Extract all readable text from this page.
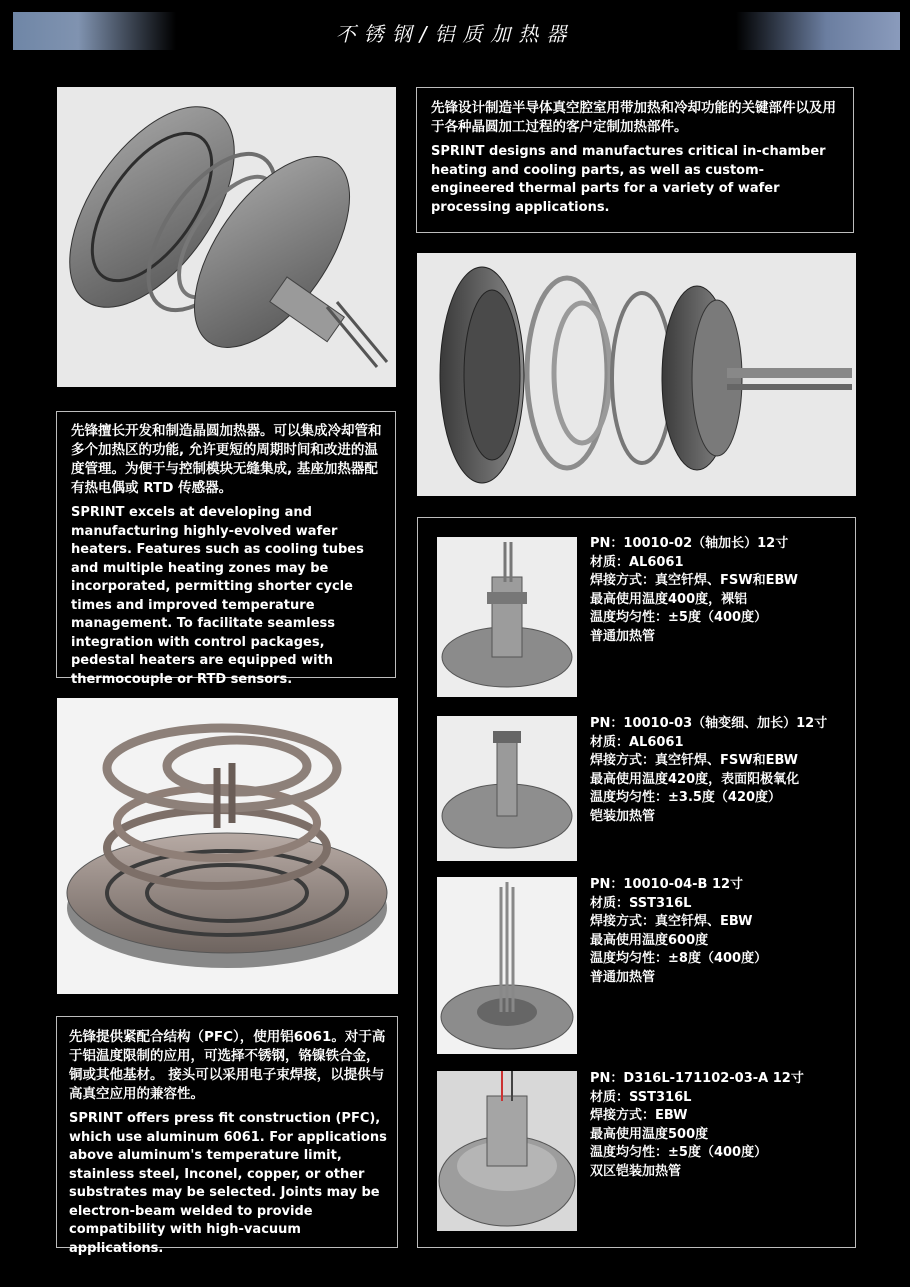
不锈钢/铝质加热器
先锋设计制造半导体真空腔室用带加热和冷却功能的关键部件以及用于各种晶圆加工过程的客户定制加热部件。
SPRINT designs and manufactures critical in-chamber heating and cooling parts, as well as custom-engineered thermal parts for a variety of wafer processing applications.
先锋擅长开发和制造晶圆加热器。可以集成冷却管和多个加热区的功能, 允许更短的周期时间和改进的温度管理。为便于与控制模块无缝集成, 基座加热器配有热电偶或 RTD 传感器。
SPRINT excels at developing and manufacturing highly-evolved wafer heaters. Features such as cooling tubes and multiple heating zones may be incorporated, permitting shorter cycle times and improved temperature management. To facilitate seamless integration with control packages, pedestal heaters are equipped with thermocouple or RTD sensors.
先锋提供紧配合结构（PFC），使用铝6061。对于高于铝温度限制的应用，可选择不锈钢，铬镍铁合金，铜或其他基材。 接头可以采用电子束焊接，以提供与高真空应用的兼容性。
SPRINT offers press fit construction (PFC), which use aluminum 6061. For applications above aluminum's temperature limit, stainless steel, Inconel, copper, or other substrates may be selected. Joints may be electron-beam welded to provide compatibility with high-vacuum applications.
PN：10010-02（轴加长）12寸
材质：AL6061
焊接方式：真空钎焊、FSW和EBW
最高使用温度400度，裸铝
温度均匀性：±5度（400度）
普通加热管
PN：10010-03（轴变细、加长）12寸
材质：AL6061
焊接方式：真空钎焊、FSW和EBW
最高使用温度420度，表面阳极氧化
温度均匀性：±3.5度（420度）
铠装加热管
PN：10010-04-B 12寸
材质：SST316L
焊接方式：真空钎焊、EBW
最高使用温度600度
温度均匀性：±8度（400度）
普通加热管
PN：D316L-171102-03-A 12寸
材质：SST316L
焊接方式：EBW
最高使用温度500度
温度均匀性：±5度（400度）
双区铠装加热管
